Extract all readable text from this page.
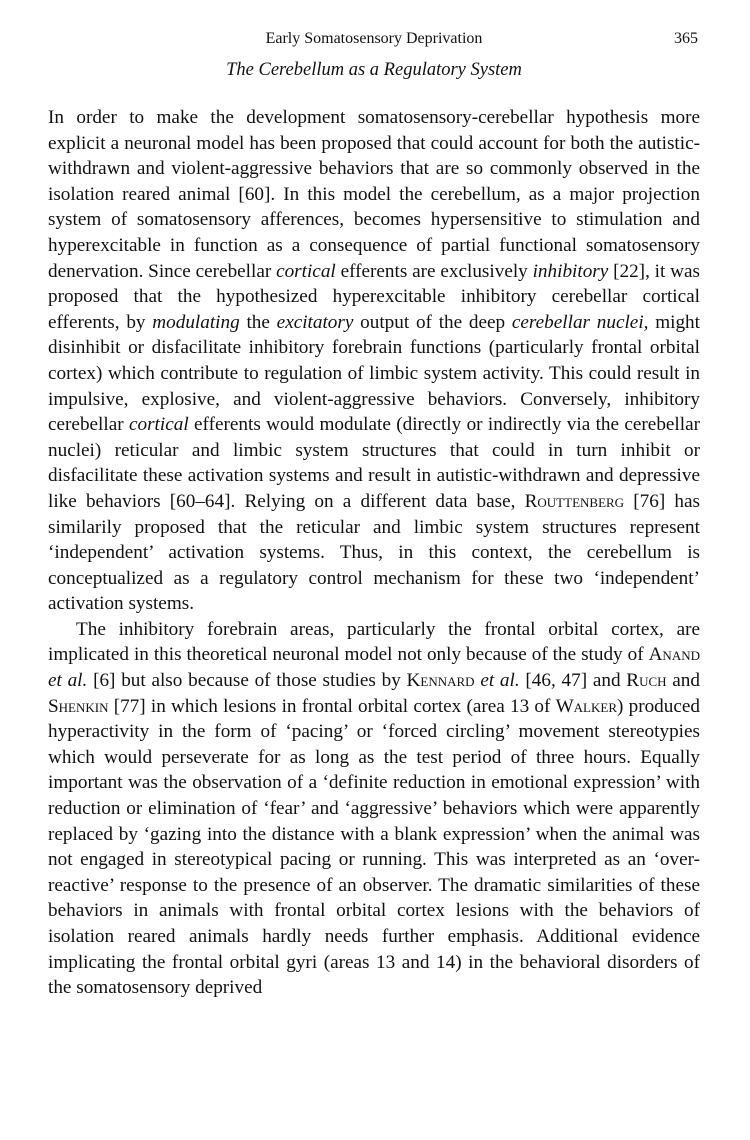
Early Somatosensory Deprivation	365
The Cerebellum as a Regulatory System

In order to make the development somatosensory-cerebellar hypothesis more explicit a neuronal model has been proposed that could account for both the autistic-withdrawn and violent-aggressive behaviors that are so commonly observed in the isolation reared animal [60]. In this model the cerebellum, as a major projection system of somatosensory afferences, becomes hypersensitive to stimulation and hyperexcitable in function as a consequence of partial functional somatosensory denervation. Since cerebellar cortical efferents are exclusively inhibitory [22], it was proposed that the hypothesized hyperexcitable inhibitory cerebellar cortical efferents, by modulating the excitatory output of the deep cerebellar nuclei, might disinhibit or disfacilitate inhibitory forebrain functions (particularly frontal orbital cortex) which contribute to regulation of limbic system activity. This could result in impulsive, explosive, and violent-aggressive behaviors. Conversely, inhibitory cerebellar cortical efferents would modulate (directly or indirectly via the cerebellar nuclei) reticular and limbic system structures that could in turn inhibit or disfacilitate these activation systems and result in autistic-withdrawn and depressive like behaviors [60–64]. Relying on a different data base, Routtenberg [76] has similarily proposed that the reticular and limbic system structures represent ‘independent’ activation systems. Thus, in this context, the cerebellum is conceptualized as a regulatory control mechanism for these two ‘independent’ activation systems.

The inhibitory forebrain areas, particularly the frontal orbital cortex, are implicated in this theoretical neuronal model not only because of the study of Anand et al. [6] but also because of those studies by Kennard et al. [46, 47] and Ruch and Shenkin [77] in which lesions in frontal orbital cortex (area 13 of Walker) produced hyperactivity in the form of ‘pacing’ or ‘forced circling’ movement stereotypies which would perseverate for as long as the test period of three hours. Equally important was the observation of a ‘definite reduction in emotional expression’ with reduction or elimination of ‘fear’ and ‘aggressive’ behaviors which were apparently replaced by ‘gazing into the distance with a blank expression’ when the animal was not engaged in stereotypical pacing or running. This was interpreted as an ‘over-reactive’ response to the presence of an observer. The dramatic similarities of these behaviors in animals with frontal orbital cortex lesions with the behaviors of isolation reared animals hardly needs further emphasis. Additional evidence implicating the frontal orbital gyri (areas 13 and 14) in the behavioral disorders of the somatosensory deprived
